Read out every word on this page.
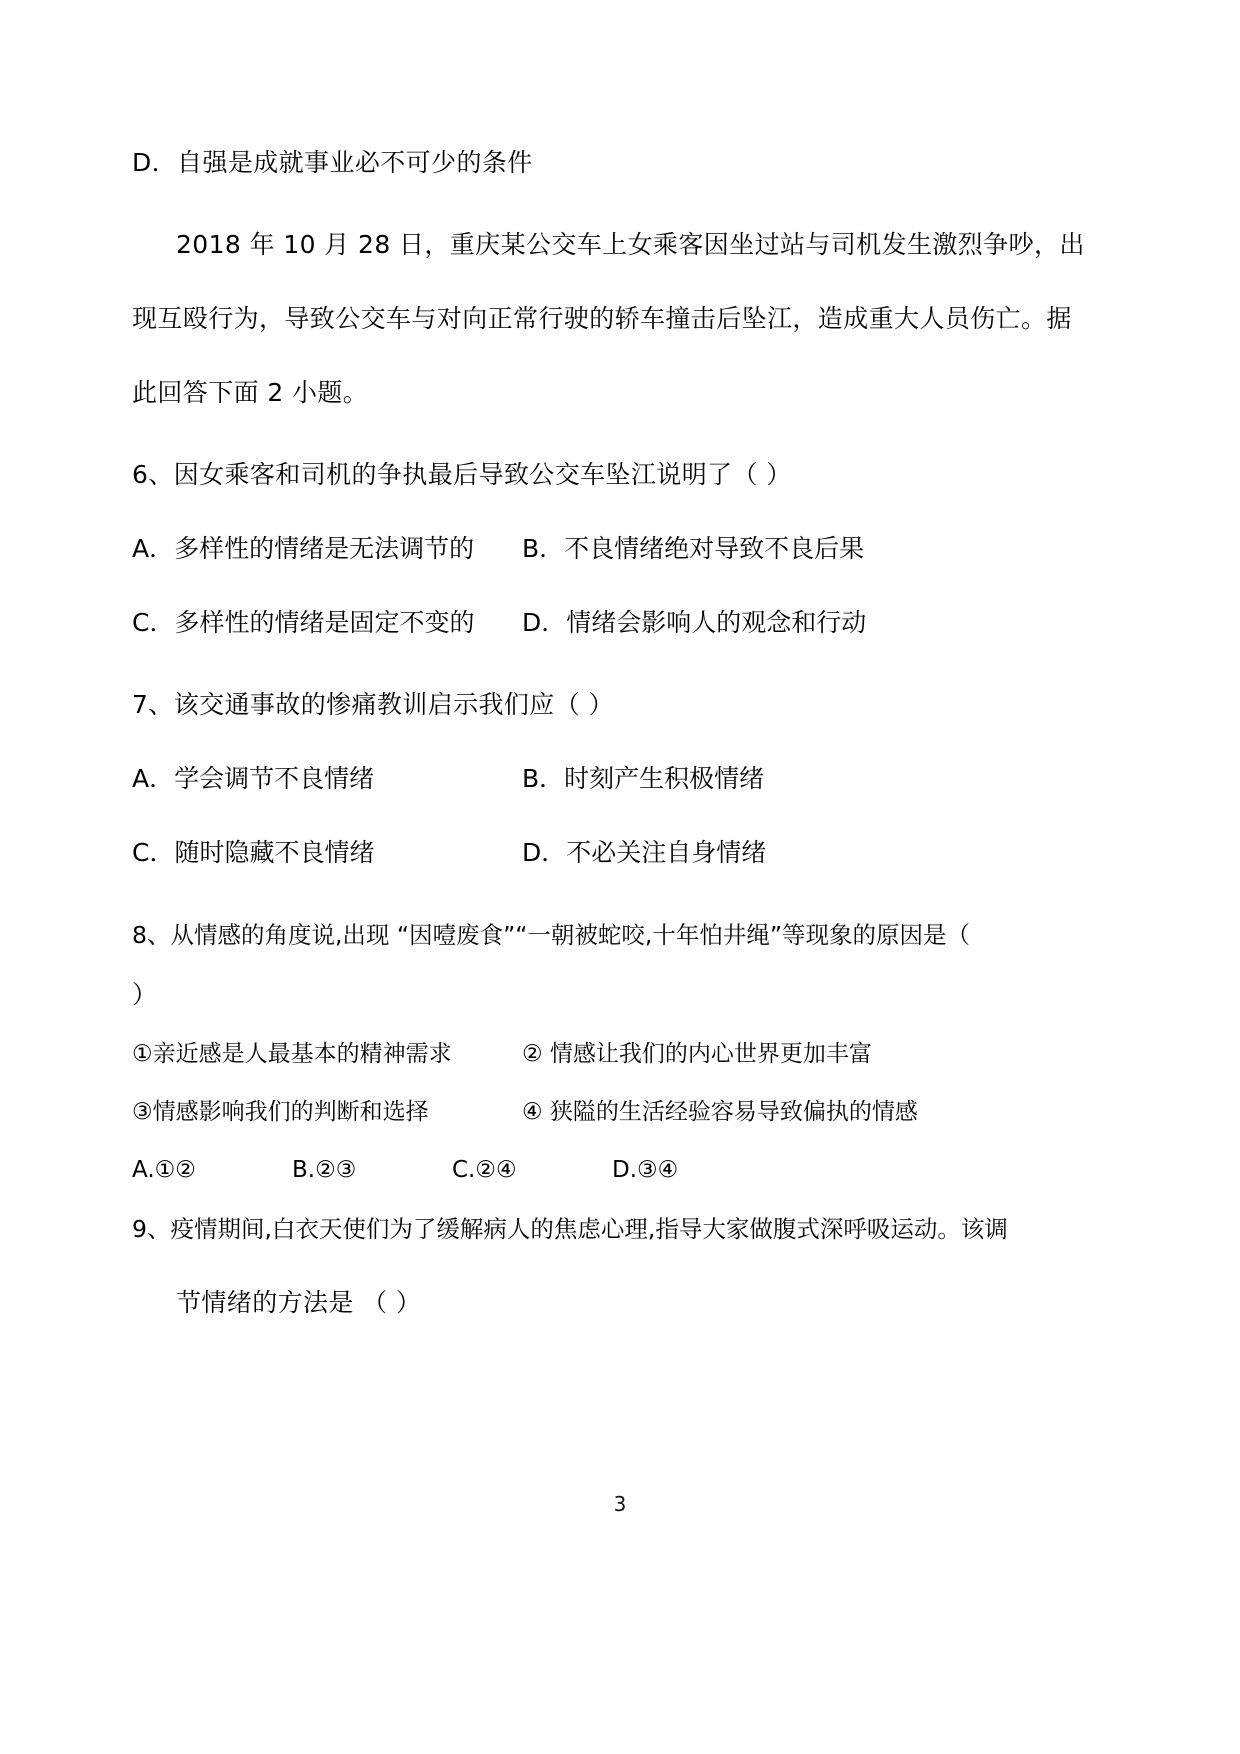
D．自强是成就事业必不可少的条件
2018 年 10 月 28 日，重庆某公交车上女乘客因坐过站与司机发生激烈争吵，出
现互殴行为，导致公交车与对向正常行驶的轿车撞击后坠江，造成重大人员伤亡。据
此回答下面 2 小题。
6、因女乘客和司机的争执最后导致公交车坠江说明了（ ）
A．多样性的情绪是无法调节的	B．不良情绪绝对导致不良后果
C．多样性的情绪是固定不变的	D．情绪会影响人的观念和行动
7、该交通事故的惨痛教训启示我们应（ ）
A．学会调节不良情绪	B．时刻产生积极情绪
C．随时隐藏不良情绪	D．不必关注自身情绪
8、从情感的角度说,出现 “因噎废食”“一朝被蛇咬,十年怕井绳”等现象的原因是（
）
①亲近感是人最基本的精神需求	② 情感让我们的内心世界更加丰富
③情感影响我们的判断和选择	④ 狭隘的生活经验容易导致偏执的情感
A.①②	B.②③	C.②④	D.③④
9、疫情期间,白衣天使们为了缓解病人的焦虑心理,指导大家做腹式深呼吸运动。该调
节情绪的方法是 （ ）
3
